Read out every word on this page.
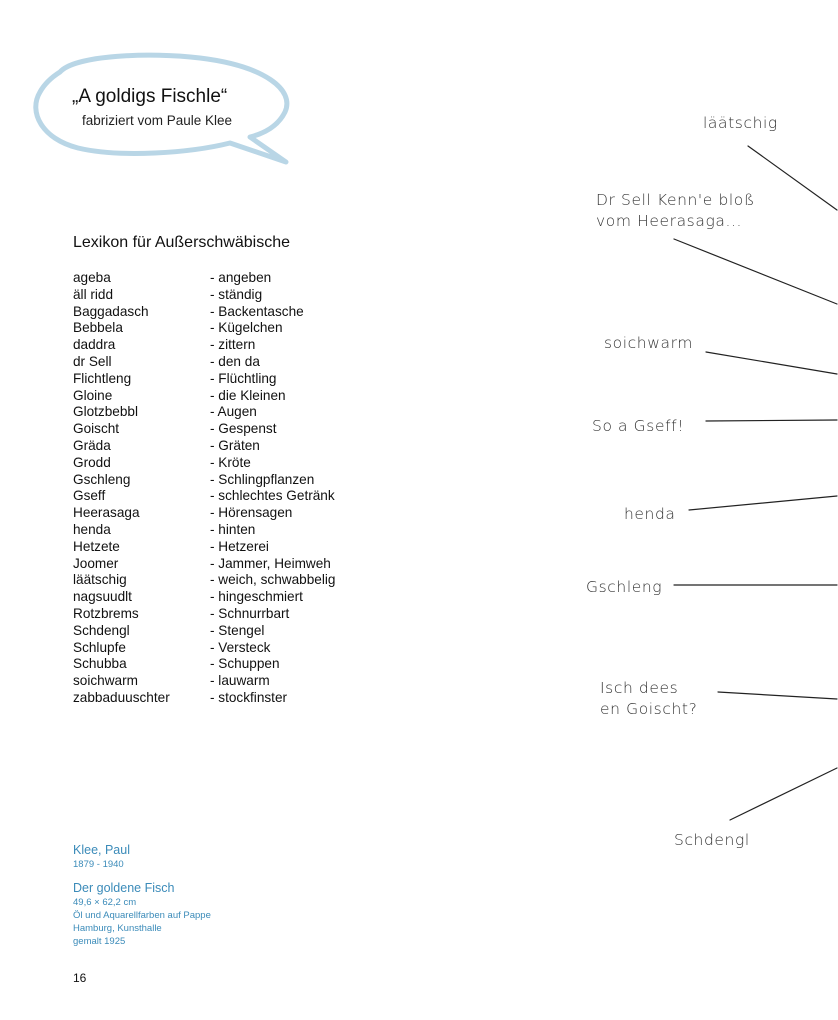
„A goldigs Fischle“
fabriziert vom Paule Klee
Lexikon für Außerschwäbische
ageba	- angeben
äll ridd	- ständig
Baggadasch	- Backentasche
Bebbela	- Kügelchen
daddra	- zittern
dr Sell	- den da
Flichtleng	- Flüchtling
Gloine	- die Kleinen
Glotzbebbl	- Augen
Goischt	- Gespenst
Gräda	- Gräten
Grodd	- Kröte
Gschleng	- Schlingpflanzen
Gseff	- schlechtes Getränk
Heerasaga	- Hörensagen
henda	- hinten
Hetzete	- Hetzerei
Joomer	- Jammer, Heimweh
läätschig	- weich, schwabbelig
nagsuudlt	- hingeschmiert
Rotzbrems	- Schnurrbart
Schdengl	- Stengel
Schlupfe	- Versteck
Schubba	- Schuppen
soichwarm	- lauwarm
zabbaduuschter	- stockfinster
läätschig
Dr Sell Kenn'e bloß
vom Heerasaga...
soichwarm
So a Gseff!
henda
Gschleng
Isch dees
en Goischt?
Schdengl
Klee, Paul
1879 - 1940
Der goldene Fisch
49,6 × 62,2 cm
Öl und Aquarellfarben auf Pappe
Hamburg, Kunsthalle
gemalt 1925
16
